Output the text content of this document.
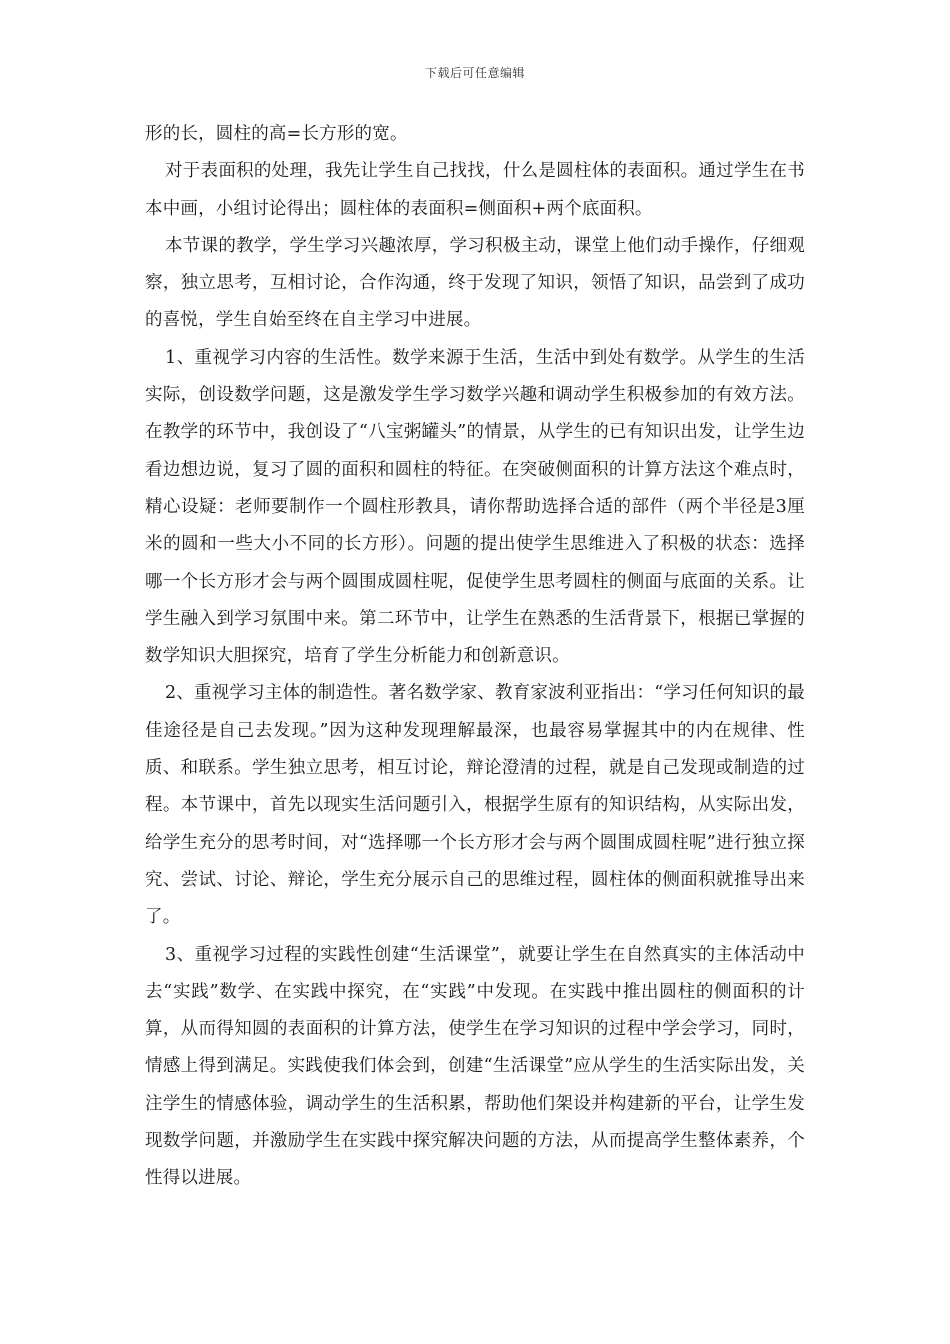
下载后可任意编辑

形的长，圆柱的高=长方形的宽。

对于表面积的处理，我先让学生自己找找，什么是圆柱体的表面积。通过学生在书本中画，小组讨论得出；圆柱体的表面积=侧面积+两个底面积。

本节课的教学，学生学习兴趣浓厚，学习积极主动，课堂上他们动手操作，仔细观察，独立思考，互相讨论，合作沟通，终于发现了知识，领悟了知识，品尝到了成功的喜悦，学生自始至终在自主学习中进展。

1、重视学习内容的生活性。数学来源于生活，生活中到处有数学。从学生的生活实际，创设数学问题，这是激发学生学习数学兴趣和调动学生积极参加的有效方法。在教学的环节中，我创设了“八宝粥罐头”的情景，从学生的已有知识出发，让学生边看边想边说，复习了圆的面积和圆柱的特征。在突破侧面积的计算方法这个难点时，精心设疑：老师要制作一个圆柱形教具，请你帮助选择合适的部件（两个半径是3厘米的圆和一些大小不同的长方形）。问题的提出使学生思维进入了积极的状态：选择哪一个长方形才会与两个圆围成圆柱呢，促使学生思考圆柱的侧面与底面的关系。让学生融入到学习氛围中来。第二环节中，让学生在熟悉的生活背景下，根据已掌握的数学知识大胆探究，培育了学生分析能力和创新意识。

2、重视学习主体的制造性。著名数学家、教育家波利亚指出：“学习任何知识的最佳途径是自己去发现。”因为这种发现理解最深，也最容易掌握其中的内在规律、性质、和联系。学生独立思考，相互讨论，辩论澄清的过程，就是自己发现或制造的过程。本节课中，首先以现实生活问题引入，根据学生原有的知识结构，从实际出发，给学生充分的思考时间，对“选择哪一个长方形才会与两个圆围成圆柱呢”进行独立探究、尝试、讨论、辩论，学生充分展示自己的思维过程，圆柱体的侧面积就推导出来了。

3、重视学习过程的实践性创建“生活课堂”，就要让学生在自然真实的主体活动中去“实践”数学、在实践中探究，在“实践”中发现。在实践中推出圆柱的侧面积的计算，从而得知圆的表面积的计算方法，使学生在学习知识的过程中学会学习，同时，情感上得到满足。实践使我们体会到，创建“生活课堂”应从学生的生活实际出发，关注学生的情感体验，调动学生的生活积累，帮助他们架设并构建新的平台，让学生发现数学问题，并激励学生在实践中探究解决问题的方法，从而提高学生整体素养，个性得以进展。
